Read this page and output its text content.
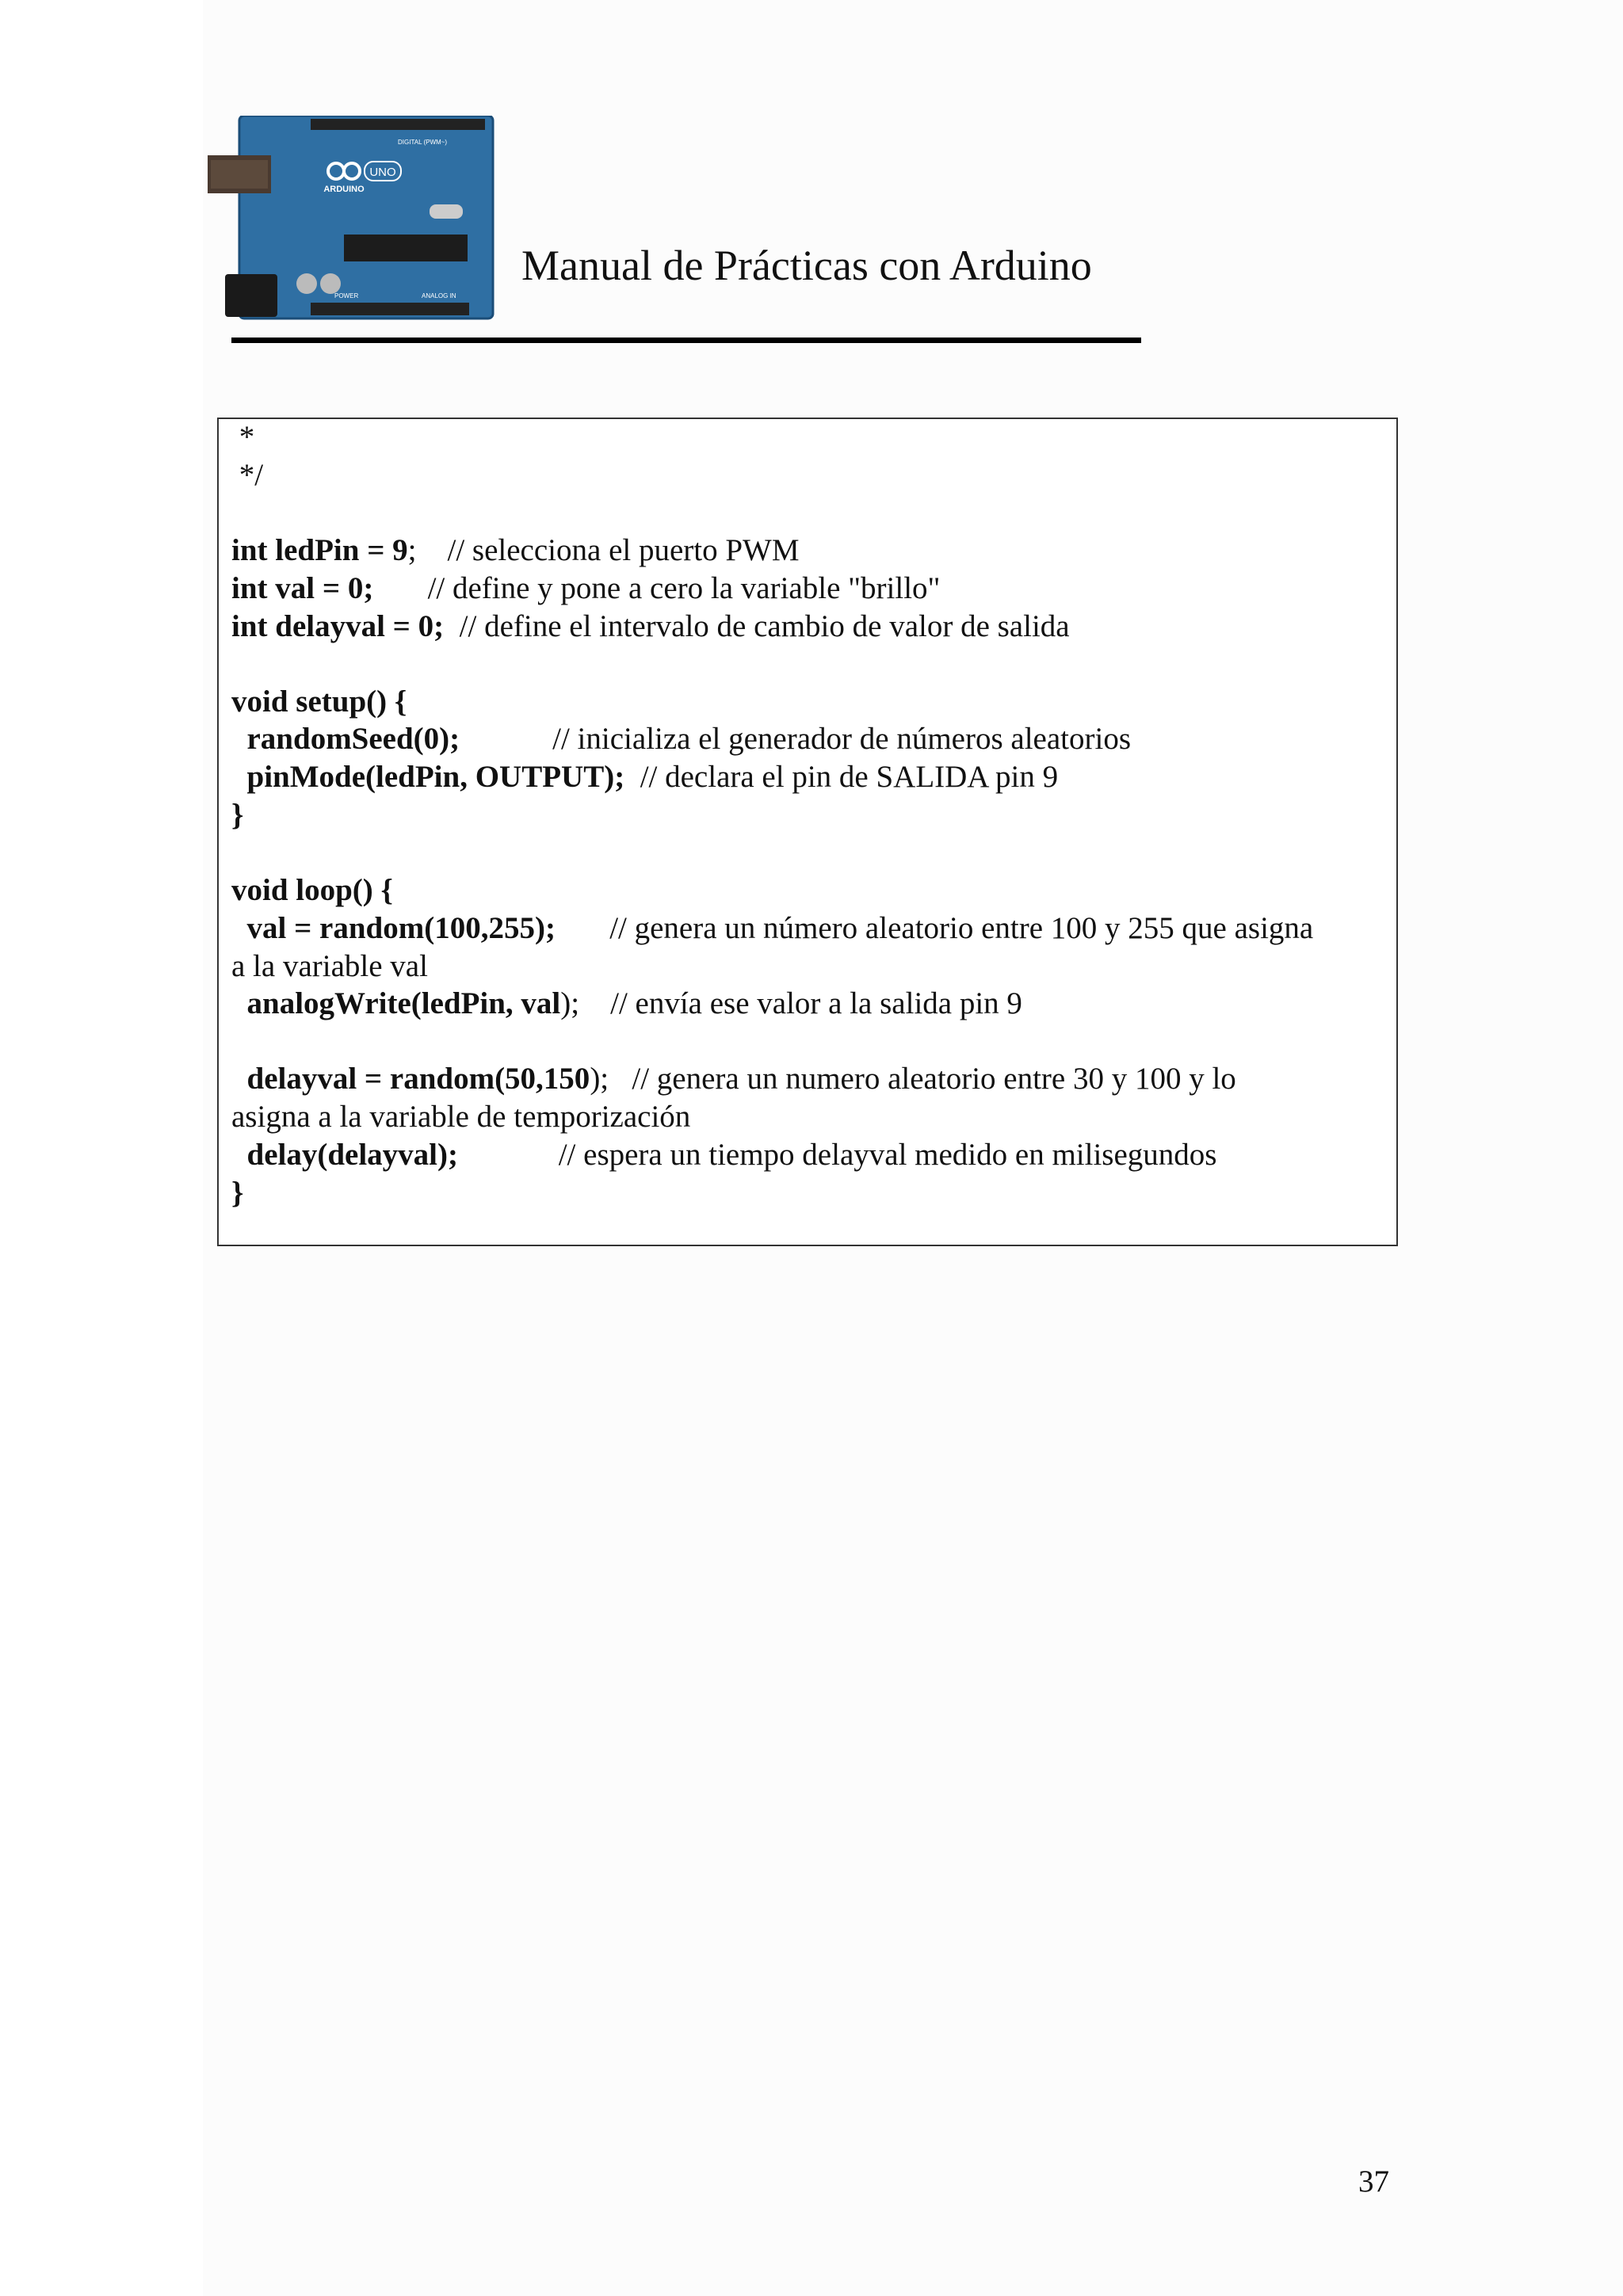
UNO
ARDUINO
DIGITAL (PWM~)
POWER	ANALOG IN
Manual de Prácticas con Arduino
*
*/
int ledPin = 9;    // selecciona el puerto PWM
int val = 0;       // define y pone a cero la variable "brillo"
int delayval = 0;  // define el intervalo de cambio de valor de salida
void setup() {
randomSeed(0);            // inicializa el generador de números aleatorios
pinMode(ledPin, OUTPUT);  // declara el pin de SALIDA pin 9
}
void loop() {
val = random(100,255);       // genera un número aleatorio entre 100 y 255 que asigna
a la variable val
analogWrite(ledPin, val);    // envía ese valor a la salida pin 9
delayval = random(50,150);   // genera un numero aleatorio entre 30 y 100 y lo
asigna a la variable de temporización
delay(delayval);             // espera un tiempo delayval medido en milisegundos
}
37
